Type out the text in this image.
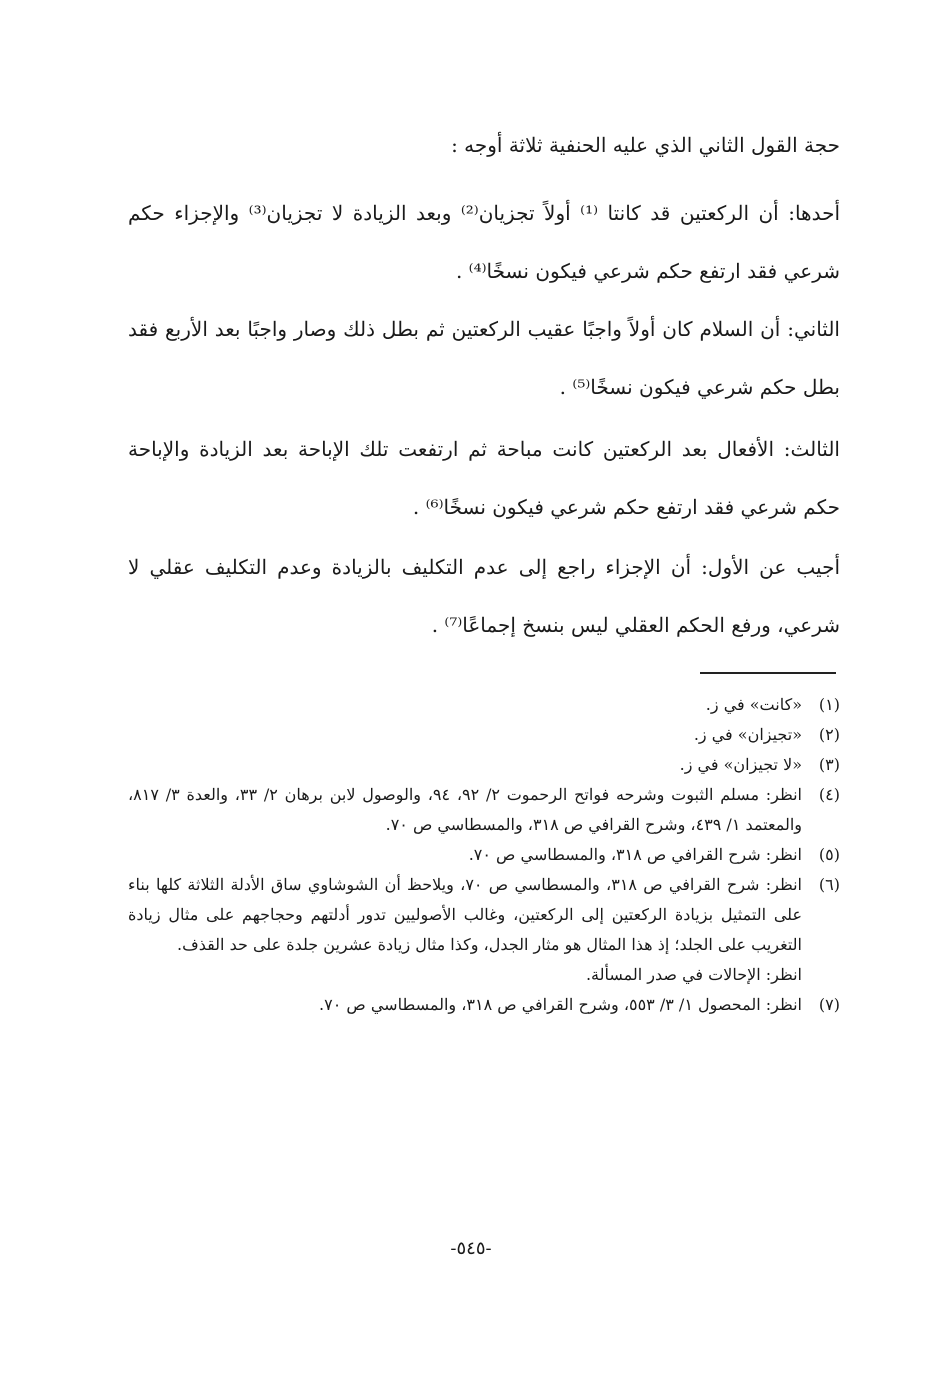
حجة القول الثاني الذي عليه الحنفية ثلاثة أوجه :
أحدها: أن الركعتين قد كانتا ⁽¹⁾ أولاً تجزيان⁽²⁾ وبعد الزيادة لا تجزيان⁽³⁾ والإجزاء حكم شرعي فقد ارتفع حكم شرعي فيكون نسخًا⁽⁴⁾ .
الثاني: أن السلام كان أولاً واجبًا عقيب الركعتين ثم بطل ذلك وصار واجبًا بعد الأربع فقد بطل حكم شرعي فيكون نسخًا⁽⁵⁾ .
الثالث: الأفعال بعد الركعتين كانت مباحة ثم ارتفعت تلك الإباحة بعد الزيادة والإباحة حكم شرعي فقد ارتفع حكم شرعي فيكون نسخًا⁽⁶⁾ .
أجيب عن الأول: أن الإجزاء راجع إلى عدم التكليف بالزيادة وعدم التكليف عقلي لا شرعي، ورفع الحكم العقلي ليس بنسخ إجماعًا⁽⁷⁾ .
(١)
«كانت» في ز.
(٢)
«تجيزان» في ز.
(٣)
«لا تجيزان» في ز.
(٤)
انظر: مسلم الثبوت وشرحه فواتح الرحموت ٢/ ٩٢، ٩٤، والوصول لابن برهان ٢/ ٣٣، والعدة ٣/ ٨١٧، والمعتمد ١/ ٤٣٩، وشرح القرافي ص ٣١٨، والمسطاسي ص ٧٠.
(٥)
انظر: شرح القرافي ص ٣١٨، والمسطاسي ص ٧٠.
(٦)
انظر: شرح القرافي ص ٣١٨، والمسطاسي ص ٧٠، ويلاحظ أن الشوشاوي ساق الأدلة الثلاثة كلها بناء على التمثيل بزيادة الركعتين إلى الركعتين، وغالب الأصوليين تدور أدلتهم وحجاجهم على مثال زيادة التغريب على الجلد؛ إذ هذا المثال هو مثار الجدل، وكذا مثال زيادة عشرين جلدة على حد القذف.
انظر: الإحالات في صدر المسألة.
(٧)
انظر: المحصول ١/ ٣/ ٥٥٣، وشرح القرافي ص ٣١٨، والمسطاسي ص ٧٠.
-٥٤٥-
